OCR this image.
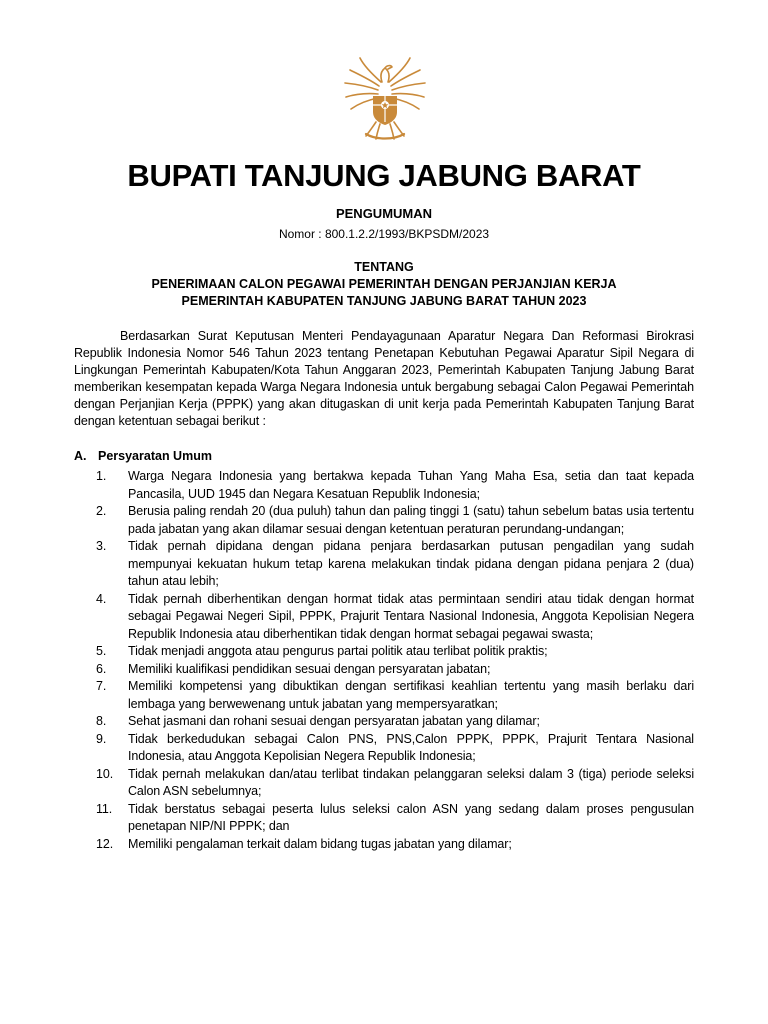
BUPATI TANJUNG JABUNG BARAT
PENGUMUMAN
Nomor : 800.1.2.2/1993/BKPSDM/2023
TENTANG
PENERIMAAN CALON PEGAWAI PEMERINTAH DENGAN PERJANJIAN KERJA
PEMERINTAH KABUPATEN TANJUNG JABUNG BARAT TAHUN 2023
Berdasarkan Surat Keputusan Menteri Pendayagunaan Aparatur Negara Dan Reformasi Birokrasi Republik Indonesia Nomor 546 Tahun 2023 tentang Penetapan Kebutuhan Pegawai Aparatur Sipil Negara di Lingkungan Pemerintah Kabupaten/Kota Tahun Anggaran 2023, Pemerintah Kabupaten Tanjung Jabung Barat memberikan kesempatan kepada Warga Negara Indonesia untuk bergabung sebagai Calon Pegawai Pemerintah dengan Perjanjian Kerja (PPPK) yang akan ditugaskan di unit kerja pada Pemerintah Kabupaten Tanjung Barat dengan ketentuan sebagai berikut :
A. Persyaratan Umum
1. Warga Negara Indonesia yang bertakwa kepada Tuhan Yang Maha Esa, setia dan taat kepada Pancasila, UUD 1945 dan Negara Kesatuan Republik Indonesia;
2. Berusia paling rendah 20 (dua puluh) tahun dan paling tinggi 1 (satu) tahun sebelum batas usia tertentu pada jabatan yang akan dilamar sesuai dengan ketentuan peraturan perundang-undangan;
3. Tidak pernah dipidana dengan pidana penjara berdasarkan putusan pengadilan yang sudah mempunyai kekuatan hukum tetap karena melakukan tindak pidana dengan pidana penjara 2 (dua) tahun atau lebih;
4. Tidak pernah diberhentikan dengan hormat tidak atas permintaan sendiri atau tidak dengan hormat sebagai Pegawai Negeri Sipil, PPPK, Prajurit Tentara Nasional Indonesia, Anggota Kepolisian Negera Republik Indonesia atau diberhentikan tidak dengan hormat sebagai pegawai swasta;
5. Tidak menjadi anggota atau pengurus partai politik atau terlibat politik praktis;
6. Memiliki kualifikasi pendidikan sesuai dengan persyaratan jabatan;
7. Memiliki kompetensi yang dibuktikan dengan sertifikasi keahlian tertentu yang masih berlaku dari lembaga yang berwewenang untuk jabatan yang mempersyaratkan;
8. Sehat jasmani dan rohani sesuai dengan persyaratan jabatan yang dilamar;
9. Tidak berkedudukan sebagai Calon PNS, PNS,Calon PPPK, PPPK, Prajurit Tentara Nasional Indonesia, atau Anggota Kepolisian Negera Republik Indonesia;
10. Tidak pernah melakukan dan/atau terlibat tindakan pelanggaran seleksi dalam 3 (tiga) periode seleksi Calon ASN sebelumnya;
11. Tidak berstatus sebagai peserta lulus seleksi calon ASN yang sedang dalam proses pengusulan penetapan NIP/NI PPPK; dan
12. Memiliki pengalaman terkait dalam bidang tugas jabatan yang dilamar;
